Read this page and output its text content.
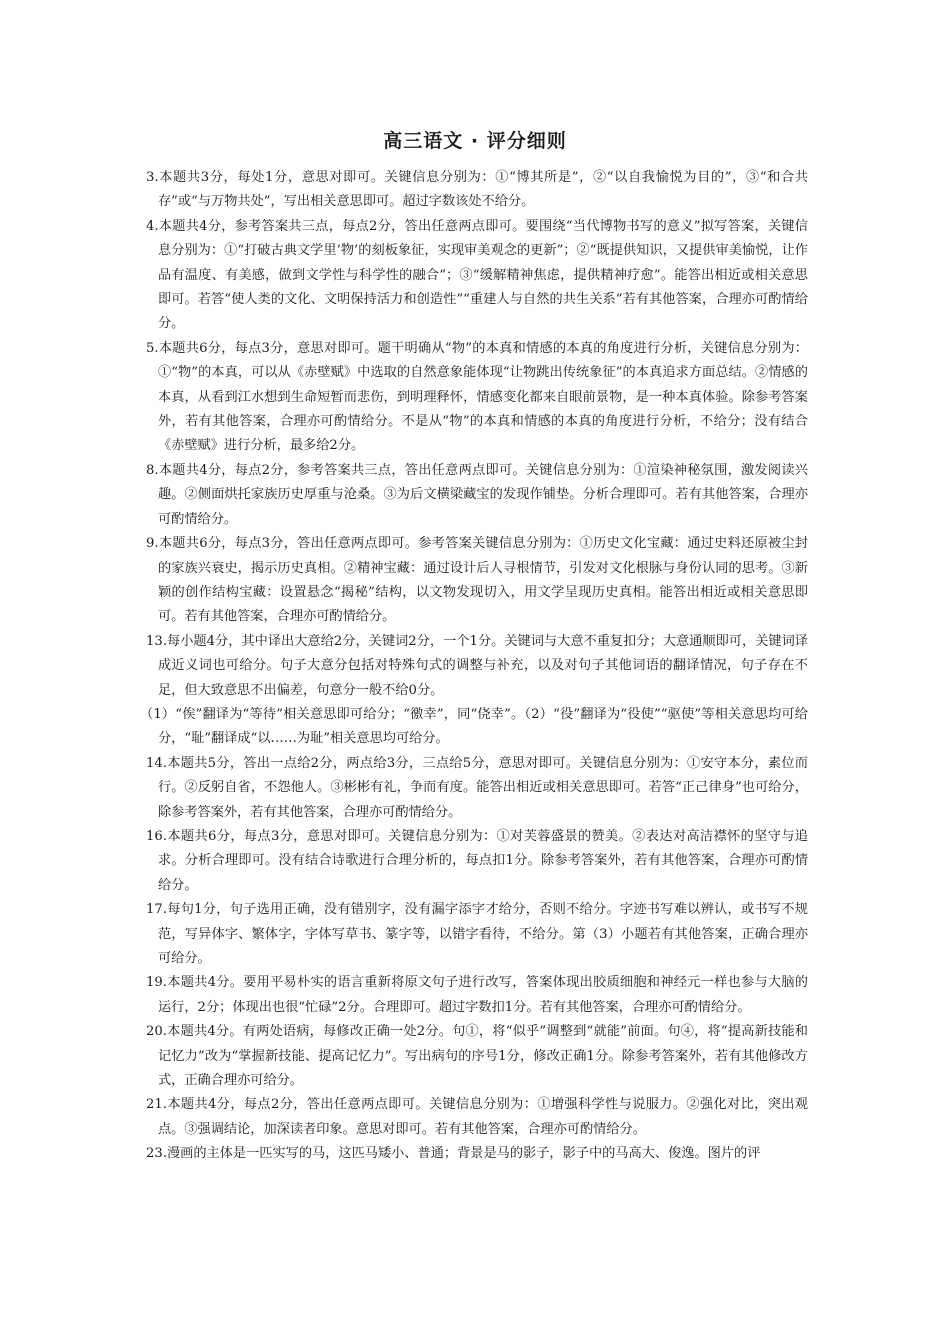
高三语文 · 评分细则

3.本题共3分，每处1分，意思对即可。关键信息分别为：①“博其所是”，②“以自我愉悦为目的”，③“和合共存”或“与万物共处”，写出相关意思即可。超过字数该处不给分。

4.本题共4分，参考答案共三点，每点2分，答出任意两点即可。要围绕“当代博物书写的意义”拟写答案，关键信息分别为：①“打破古典文学里‘物’的刻板象征，实现审美观念的更新”；②“既提供知识，又提供审美愉悦，让作品有温度、有美感，做到文学性与科学性的融合”；③“缓解精神焦虑，提供精神疗愈”。能答出相近或相关意思即可。若答“使人类的文化、文明保持活力和创造性”“重建人与自然的共生关系”若有其他答案，合理亦可酌情给分。

5.本题共6分，每点3分，意思对即可。题干明确从“物”的本真和情感的本真的角度进行分析，关键信息分别为：①“物”的本真，可以从《赤壁赋》中选取的自然意象能体现“让物跳出传统象征”的本真追求方面总结。②情感的本真，从看到江水想到生命短暂而悲伤，到明理释怀，情感变化都来自眼前景物，是一种本真体验。除参考答案外，若有其他答案，合理亦可酌情给分。不是从“物”的本真和情感的本真的角度进行分析，不给分；没有结合《赤壁赋》进行分析，最多给2分。

8.本题共4分，每点2分，参考答案共三点，答出任意两点即可。关键信息分别为：①渲染神秘氛围，激发阅读兴趣。②侧面烘托家族历史厚重与沧桑。③为后文横梁藏宝的发现作铺垫。分析合理即可。若有其他答案，合理亦可酌情给分。

9.本题共6分，每点3分，答出任意两点即可。参考答案关键信息分别为：①历史文化宝藏：通过史料还原被尘封的家族兴衰史，揭示历史真相。②精神宝藏：通过设计后人寻根情节，引发对文化根脉与身份认同的思考。③新颖的创作结构宝藏：设置悬念“揭秘”结构，以文物发现切入，用文学呈现历史真相。能答出相近或相关意思即可。若有其他答案，合理亦可酌情给分。

13.每小题4分，其中译出大意给2分，关键词2分，一个1分。关键词与大意不重复扣分；大意通顺即可，关键词译成近义词也可给分。句子大意分包括对特殊句式的调整与补充，以及对句子其他词语的翻译情况，句子存在不足，但大致意思不出偏差，句意分一般不给0分。

（1）“俟”翻译为“等待”相关意思即可给分；“徼幸”，同“侥幸”。（2）“役”翻译为“役使”“驱使”等相关意思均可给分，“耻”翻译成“以……为耻”相关意思均可给分。

14.本题共5分，答出一点给2分，两点给3分，三点给5分，意思对即可。关键信息分别为：①安守本分，素位而行。②反躬自省，不怨他人。③彬彬有礼，争而有度。能答出相近或相关意思即可。若答“正己律身”也可给分，除参考答案外，若有其他答案，合理亦可酌情给分。

16.本题共6分，每点3分，意思对即可。关键信息分别为：①对芙蓉盛景的赞美。②表达对高洁襟怀的坚守与追求。分析合理即可。没有结合诗歌进行合理分析的，每点扣1分。除参考答案外，若有其他答案，合理亦可酌情给分。

17.每句1分，句子选用正确，没有错别字，没有漏字添字才给分，否则不给分。字迹书写难以辨认，或书写不规范，写异体字、繁体字，字体写草书、篆字等，以错字看待，不给分。第（3）小题若有其他答案，正确合理亦可给分。

19.本题共4分。要用平易朴实的语言重新将原文句子进行改写，答案体现出胶质细胞和神经元一样也参与大脑的运行，2分；体现出也很“忙碌”2分。合理即可。超过字数扣1分。若有其他答案，合理亦可酌情给分。

20.本题共4分。有两处语病，每修改正确一处2分。句①，将“似乎”调整到“就能”前面。句④，将“提高新技能和记忆力”改为“掌握新技能、提高记忆力”。写出病句的序号1分，修改正确1分。除参考答案外，若有其他修改方式，正确合理亦可给分。

21.本题共4分，每点2分，答出任意两点即可。关键信息分别为：①增强科学性与说服力。②强化对比，突出观点。③强调结论，加深读者印象。意思对即可。若有其他答案，合理亦可酌情给分。

23.漫画的主体是一匹实写的马，这匹马矮小、普通；背景是马的影子，影子中的马高大、俊逸。图片的评
